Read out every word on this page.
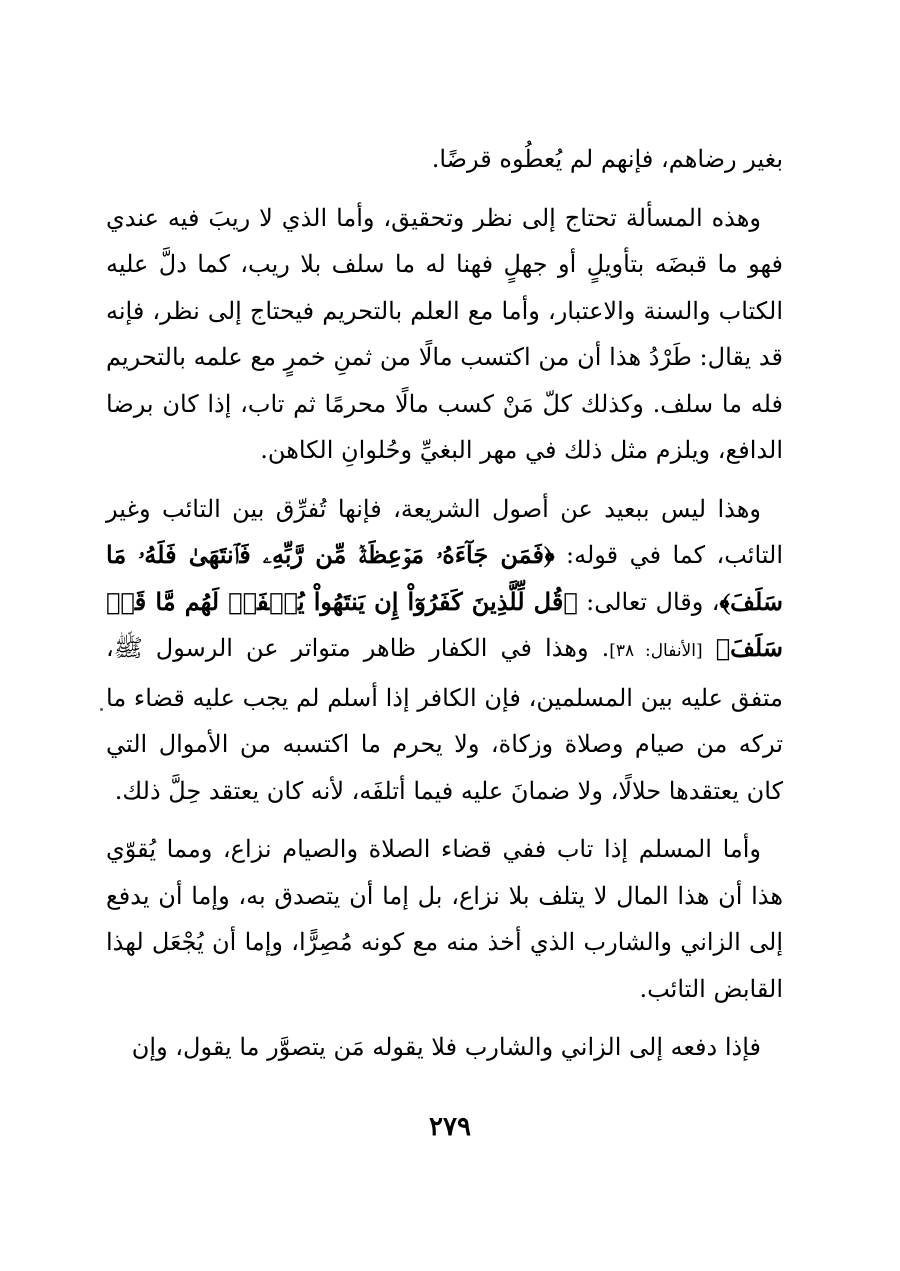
بغير رضاهم، فإنهم لم يُعطُوه قرضًا.

وهذه المسألة تحتاج إلى نظر وتحقيق، وأما الذي لا ريبَ فيه عندي فهو ما قبضَه بتأويلٍ أو جهلٍ فهنا له ما سلف بلا ريب، كما دلَّ عليه الكتاب والسنة والاعتبار، وأما مع العلم بالتحريم فيحتاج إلى نظر، فإنه قد يقال: طَرْدُ هذا أن من اكتسب مالًا من ثمنِ خمرٍ مع علمه بالتحريم فله ما سلف. وكذلك كلّ مَنْ كسب مالًا محرمًا ثم تاب، إذا كان برضا الدافع، ويلزم مثل ذلك في مهر البغيِّ وحُلوانِ الكاهن.

وهذا ليس ببعيد عن أصول الشريعة، فإنها تُفرِّق بين التائب وغير التائب، كما في قوله: ﴿فَمَن جَآءَهُۥ مَوۡعِظَةٞ مِّن رَّبِّهِۦ فَٱنتَهَىٰ فَلَهُۥ مَا سَلَفَ﴾، وقال تعالى: ﴿قُل لِّلَّذِينَ كَفَرُوٓاْ إِن يَنتَهُواْ يُغۡفَرۡ لَهُم مَّا قَدۡ سَلَفَ﴾ [الأنفال: ٣٨]. وهذا في الكفار ظاهر متواتر عن الرسول ﷺ، متفق عليه بين المسلمين، فإن الكافر إذا أسلم لم يجب عليه قضاء ما تركه من صيام وصلاة وزكاة، ولا يحرم ما اكتسبه من الأموال التي كان يعتقدها حلالًا، ولا ضمانَ عليه فيما أتلفَه، لأنه كان يعتقد حِلَّ ذلك.

وأما المسلم إذا تاب ففي قضاء الصلاة والصيام نزاع، ومما يُقوّي هذا أن هذا المال لا يتلف بلا نزاع، بل إما أن يتصدق به، وإما أن يدفع إلى الزاني والشارب الذي أخذ منه مع كونه مُصِرًّا، وإما أن يُجْعَل لهذا القابض التائب.

فإذا دفعه إلى الزاني والشارب فلا يقوله مَن يتصوَّر ما يقول، وإن

٢٧٩
